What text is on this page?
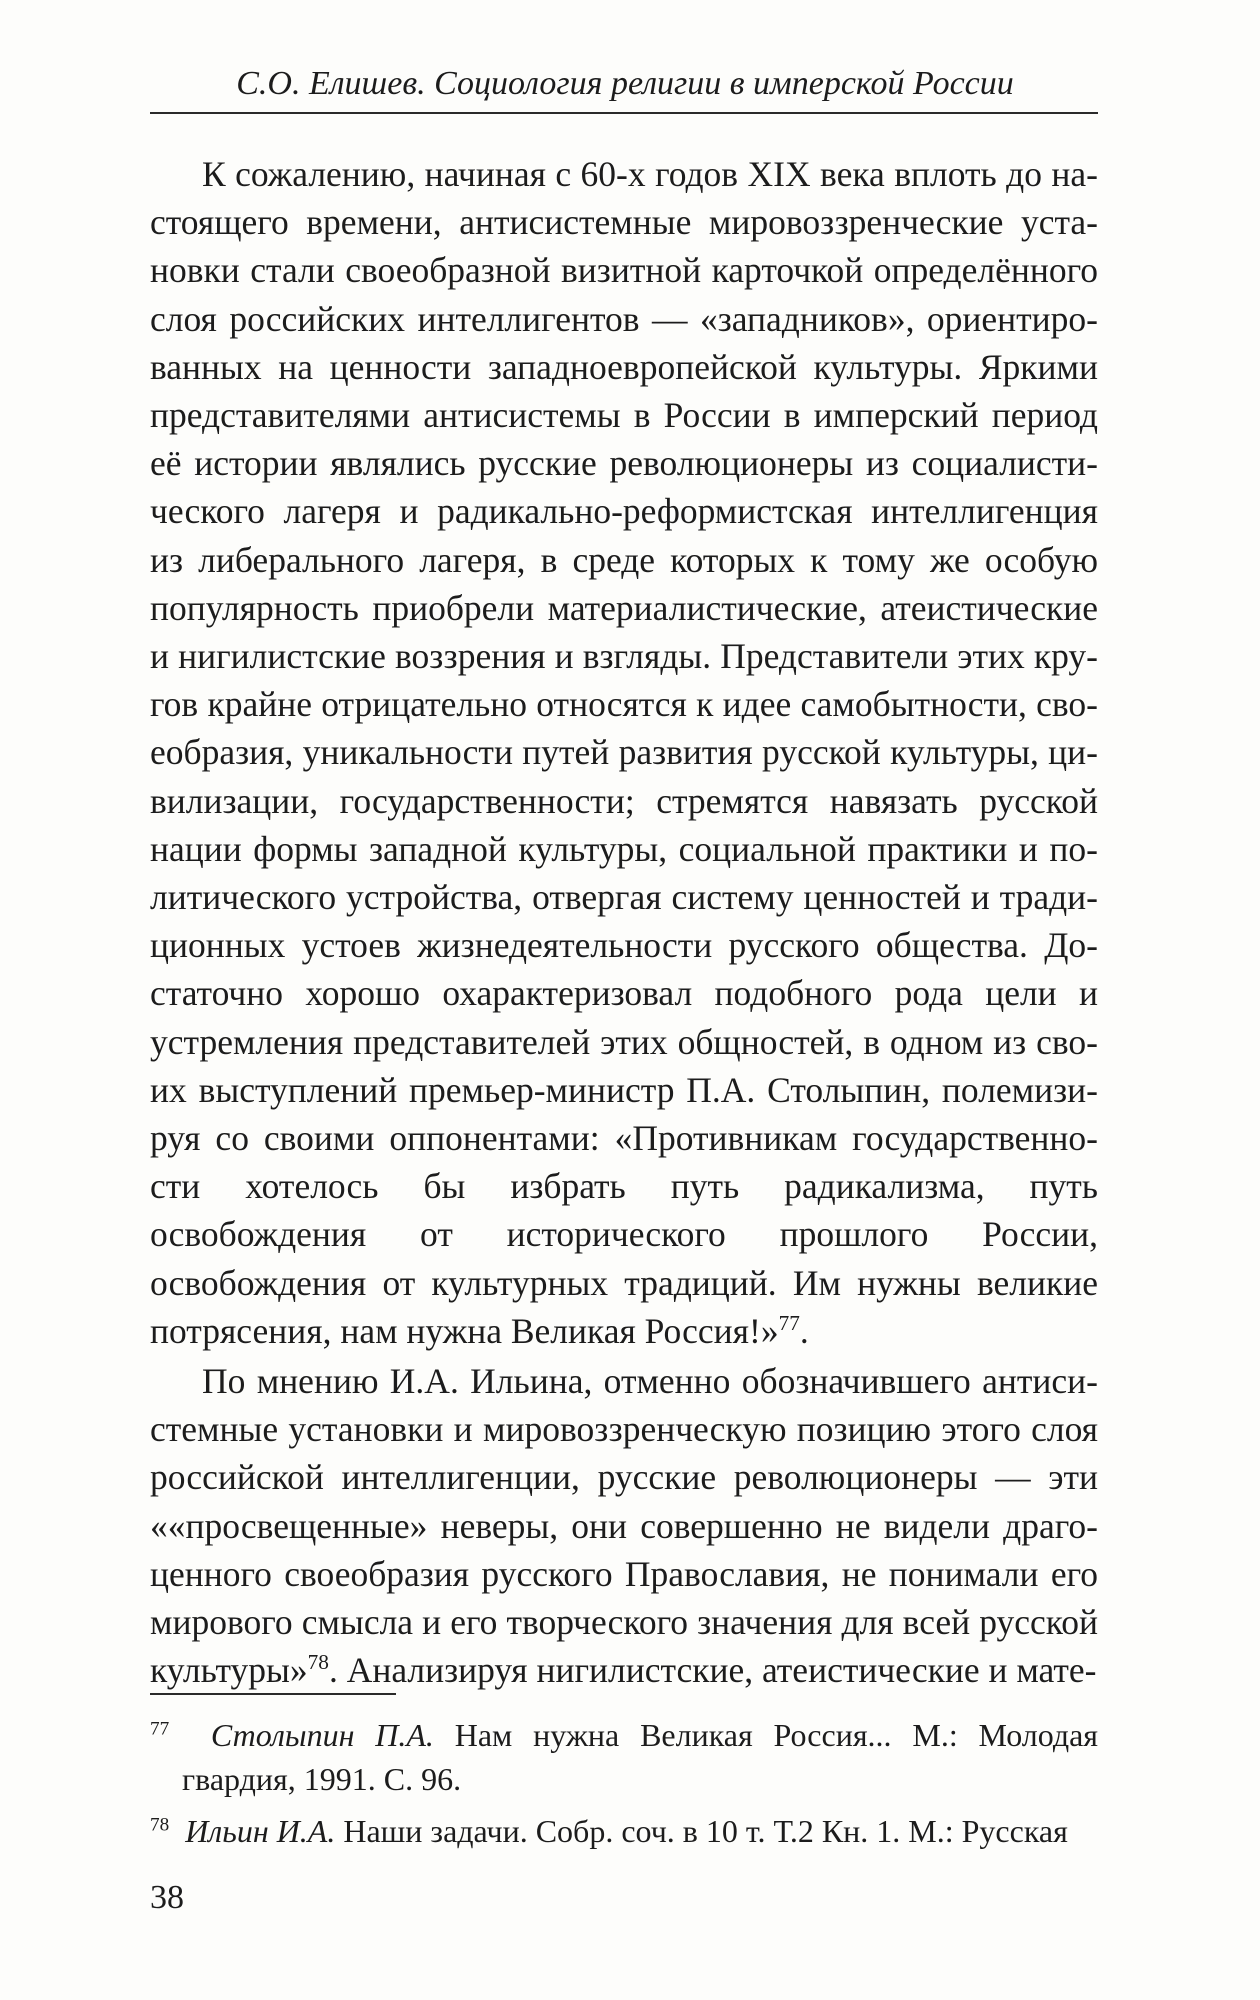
С.О. Елишев. Социология религии в имперской России

К сожалению, начиная с 60-х годов XIX века вплоть до настоящего времени, антисистемные мировоззренческие установки стали своеобразной визитной карточкой определённого слоя российских интеллигентов — «западников», ориентированных на ценности западноевропейской культуры. Яркими представителями антисистемы в России в имперский период её истории являлись русские революционеры из социалистического лагеря и радикально-реформистская интеллигенция из либерального лагеря, в среде которых к тому же особую популярность приобрели материалистические, атеистические и нигилистские воззрения и взгляды. Представители этих кругов крайне отрицательно относятся к идее самобытности, своеобразия, уникальности путей развития русской культуры, цивилизации, государственности; стремятся навязать русской нации формы западной культуры, социальной практики и политического устройства, отвергая систему ценностей и традиционных устоев жизнедеятельности русского общества. Достаточно хорошо охарактеризовал подобного рода цели и устремления представителей этих общностей, в одном из своих выступлений премьер-министр П.А. Столыпин, полемизируя со своими оппонентами: «Противникам государственности хотелось бы избрать путь радикализма, путь освобождения от исторического прошлого России, освобождения от культурных традиций. Им нужны великие потрясения, нам нужна Великая Россия!»$^{77}$.

По мнению И.А. Ильина, отменно обозначившего антисистемные установки и мировоззренческую позицию этого слоя российской интеллигенции, русские революционеры — эти ««просвещенные» неверы, они совершенно не видели драгоценного своеобразия русского Православия, не понимали его мирового смысла и его творческого значения для всей русской культуры»$^{78}$. Анализируя нигилистские, атеистические и мате-

$^{77}$ Столыпин П.А. Нам нужна Великая Россия... М.: Молодая гвардия, 1991. С. 96.

$^{78}$ Ильин И.А. Наши задачи. Собр. соч. в 10 т. Т.2 Кн. 1. М.: Русская

38
